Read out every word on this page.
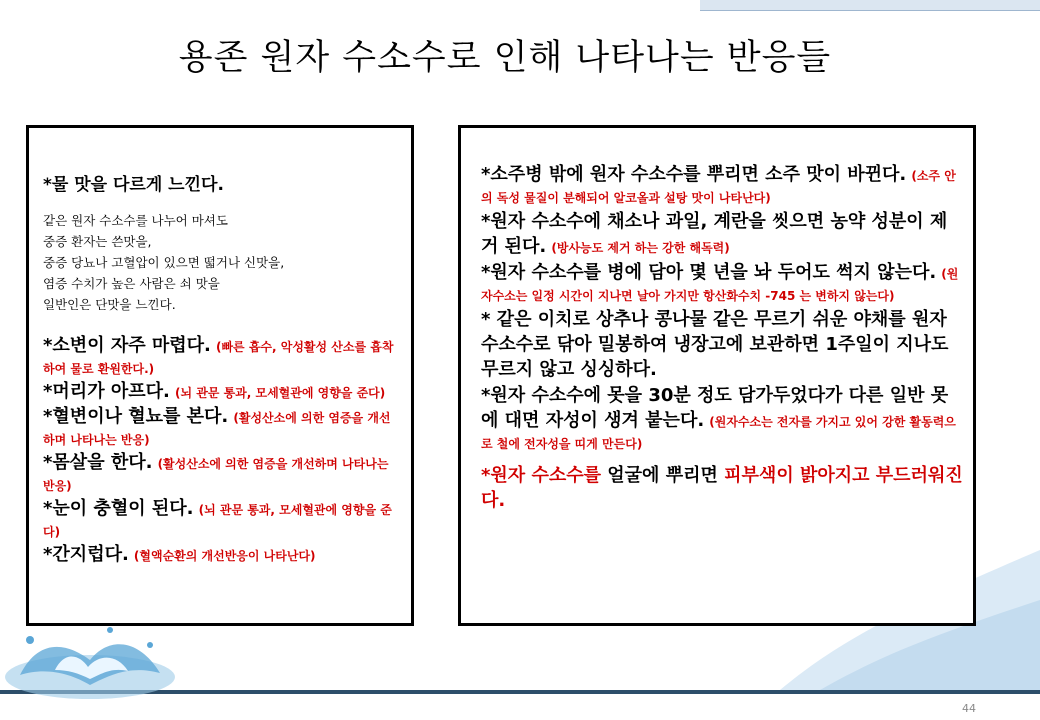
44
용존 원자 수소수로 인해 나타나는 반응들
*물 맛을 다르게 느낀다.
같은 원자 수소수를 나누어 마셔도
중증 환자는 쓴맛을,
중증 당뇨나 고혈압이 있으면 떫거나 신맛을,
염증 수치가 높은 사람은 쇠 맛을
일반인은 단맛을 느낀다.

*소변이 자주 마렵다. (빠른 흡수, 악성활성 산소를 흡착하여 물로 환원한다.)

*머리가 아프다. (뇌 관문 통과, 모세혈관에 영향을 준다)

*혈변이나 혈뇨를 본다. (활성산소에 의한 염증을 개선하며 나타나는 반응)

*몸살을 한다. (활성산소에 의한 염증을 개선하며 나타나는 반응)

*눈이 충혈이 된다. (뇌 관문 통과, 모세혈관에 영향을 준다)

*간지럽다. (혈액순환의 개선반응이 나타난다)

*소주병 밖에 원자 수소수를 뿌리면 소주 맛이 바뀐다. (소주 안의 독성 물질이 분해되어 알코올과 설탕 맛이 나타난다)

*원자 수소수에 채소나 과일, 계란을 씻으면 농약 성분이 제거 된다. (방사능도 제거 하는 강한 해독력)

*원자 수소수를 병에 담아 몇 년을 놔 두어도 썩지 않는다. (원자수소는 일정 시간이 지나면 날아 가지만 항산화수치 -745 는 변하지 않는다)

* 같은 이치로 상추나 콩나물 같은 무르기 쉬운 야채를 원자수소수로 닦아 밀봉하여 냉장고에 보관하면 1주일이 지나도 무르지 않고 싱싱하다.

*원자 수소수에 못을 30분 정도 담가두었다가 다른 일반 못에 대면 자성이 생겨 붙는다. (원자수소는 전자를 가지고 있어 강한 활동력으로 철에 전자성을 띠게 만든다)

*원자 수소수를 얼굴에 뿌리면 피부색이 밝아지고 부드러워진다.
